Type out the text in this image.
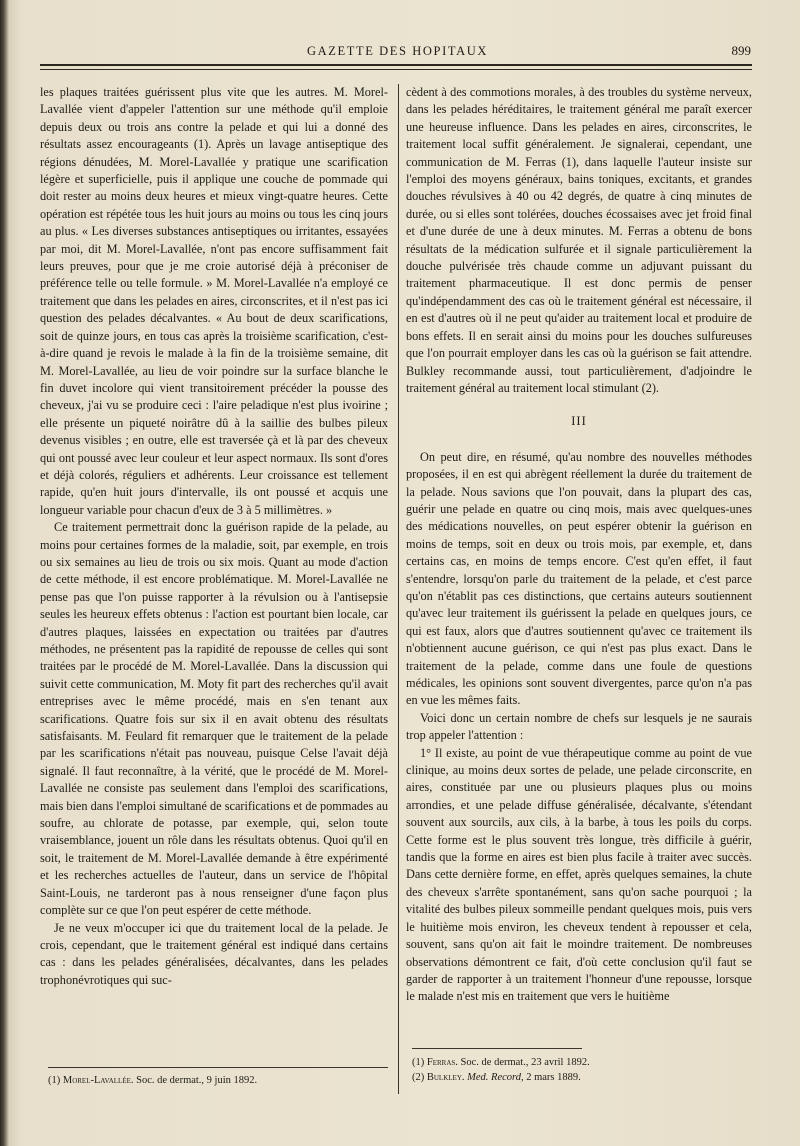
GAZETTE DES HOPITAUX	899

les plaques traitées guérissent plus vite que les autres. M. Morel-Lavallée vient d'appeler l'attention sur une méthode qu'il emploie depuis deux ou trois ans contre la pelade et qui lui a donné des résultats assez encourageants (1). Après un lavage antiseptique des régions dénudées, M. Morel-Lavallée y pratique une scarification légère et superficielle, puis il applique une couche de pommade qui doit rester au moins deux heures et mieux vingt-quatre heures. Cette opération est répétée tous les huit jours au moins ou tous les cinq jours au plus. « Les diverses substances antiseptiques ou irritantes, essayées par moi, dit M. Morel-Lavallée, n'ont pas encore suffisamment fait leurs preuves, pour que je me croie autorisé déjà à préconiser de préférence telle ou telle formule. » M. Morel-Lavallée n'a employé ce traitement que dans les pelades en aires, circonscrites, et il n'est pas ici question des pelades décalvantes. « Au bout de deux scarifications, soit de quinze jours, en tous cas après la troisième scarification, c'est-à-dire quand je revois le malade à la fin de la troisième semaine, dit M. Morel-Lavallée, au lieu de voir poindre sur la surface blanche le fin duvet incolore qui vient transitoirement précéder la pousse des cheveux, j'ai vu se produire ceci : l'aire peladique n'est plus ivoirine ; elle présente un piqueté noirâtre dû à la saillie des bulbes pileux devenus visibles ; en outre, elle est traversée çà et là par des cheveux qui ont poussé avec leur couleur et leur aspect normaux. Ils sont d'ores et déjà colorés, réguliers et adhérents. Leur croissance est tellement rapide, qu'en huit jours d'intervalle, ils ont poussé et acquis une longueur variable pour chacun d'eux de 3 à 5 millimètres. »

Ce traitement permettrait donc la guérison rapide de la pelade, au moins pour certaines formes de la maladie, soit, par exemple, en trois ou six semaines au lieu de trois ou six mois. Quant au mode d'action de cette méthode, il est encore problématique. M. Morel-Lavallée ne pense pas que l'on puisse rapporter à la révulsion ou à l'antisepsie seules les heureux effets obtenus : l'action est pourtant bien locale, car d'autres plaques, laissées en expectation ou traitées par d'autres méthodes, ne présentent pas la rapidité de repousse de celles qui sont traitées par le procédé de M. Morel-Lavallée. Dans la discussion qui suivit cette communication, M. Moty fit part des recherches qu'il avait entreprises avec le même procédé, mais en s'en tenant aux scarifications. Quatre fois sur six il en avait obtenu des résultats satisfaisants. M. Feulard fit remarquer que le traitement de la pelade par les scarifications n'était pas nouveau, puisque Celse l'avait déjà signalé. Il faut reconnaître, à la vérité, que le procédé de M. Morel-Lavallée ne consiste pas seulement dans l'emploi des scarifications, mais bien dans l'emploi simultané de scarifications et de pommades au soufre, au chlorate de potasse, par exemple, qui, selon toute vraisemblance, jouent un rôle dans les résultats obtenus. Quoi qu'il en soit, le traitement de M. Morel-Lavallée demande à être expérimenté et les recherches actuelles de l'auteur, dans un service de l'hôpital Saint-Louis, ne tarderont pas à nous renseigner d'une façon plus complète sur ce que l'on peut espérer de cette méthode.

Je ne veux m'occuper ici que du traitement local de la pelade. Je crois, cependant, que le traitement général est indiqué dans certains cas : dans les pelades généralisées, décalvantes, dans les pelades trophonévrotiques qui suc-

cèdent à des commotions morales, à des troubles du système nerveux, dans les pelades héréditaires, le traitement général me paraît exercer une heureuse influence. Dans les pelades en aires, circonscrites, le traitement local suffit généralement. Je signalerai, cependant, une communication de M. Ferras (1), dans laquelle l'auteur insiste sur l'emploi des moyens généraux, bains toniques, excitants, et grandes douches révulsives à 40 ou 42 degrés, de quatre à cinq minutes de durée, ou si elles sont tolérées, douches écossaises avec jet froid final et d'une durée de une à deux minutes. M. Ferras a obtenu de bons résultats de la médication sulfurée et il signale particulièrement la douche pulvérisée très chaude comme un adjuvant puissant du traitement pharmaceutique. Il est donc permis de penser qu'indépendamment des cas où le traitement général est nécessaire, il en est d'autres où il ne peut qu'aider au traitement local et produire de bons effets. Il en serait ainsi du moins pour les douches sulfureuses que l'on pourrait employer dans les cas où la guérison se fait attendre. Bulkley recommande aussi, tout particulièrement, d'adjoindre le traitement général au traitement local stimulant (2).

III

On peut dire, en résumé, qu'au nombre des nouvelles méthodes proposées, il en est qui abrègent réellement la durée du traitement de la pelade. Nous savions que l'on pouvait, dans la plupart des cas, guérir une pelade en quatre ou cinq mois, mais avec quelques-unes des médications nouvelles, on peut espérer obtenir la guérison en moins de temps, soit en deux ou trois mois, par exemple, et, dans certains cas, en moins de temps encore. C'est qu'en effet, il faut s'entendre, lorsqu'on parle du traitement de la pelade, et c'est parce qu'on n'établit pas ces distinctions, que certains auteurs soutiennent qu'avec leur traitement ils guérissent la pelade en quelques jours, ce qui est faux, alors que d'autres soutiennent qu'avec ce traitement ils n'obtiennent aucune guérison, ce qui n'est pas plus exact. Dans le traitement de la pelade, comme dans une foule de questions médicales, les opinions sont souvent divergentes, parce qu'on n'a pas en vue les mêmes faits.

Voici donc un certain nombre de chefs sur lesquels je ne saurais trop appeler l'attention :

1° Il existe, au point de vue thérapeutique comme au point de vue clinique, au moins deux sortes de pelade, une pelade circonscrite, en aires, constituée par une ou plusieurs plaques plus ou moins arrondies, et une pelade diffuse généralisée, décalvante, s'étendant souvent aux sourcils, aux cils, à la barbe, à tous les poils du corps. Cette forme est le plus souvent très longue, très difficile à guérir, tandis que la forme en aires est bien plus facile à traiter avec succès. Dans cette dernière forme, en effet, après quelques semaines, la chute des cheveux s'arrête spontanément, sans qu'on sache pourquoi ; la vitalité des bulbes pileux sommeille pendant quelques mois, puis vers le huitième mois environ, les cheveux tendent à repousser et cela, souvent, sans qu'on ait fait le moindre traitement. De nombreuses observations démontrent ce fait, d'où cette conclusion qu'il faut se garder de rapporter à un traitement l'honneur d'une repousse, lorsque le malade n'est mis en traitement que vers le huitième

(1) Morel-Lavallée. Soc. de dermat., 9 juin 1892.
(1) Ferras. Soc. de dermat., 23 avril 1892.
(2) Bulkley. Med. Record, 2 mars 1889.
